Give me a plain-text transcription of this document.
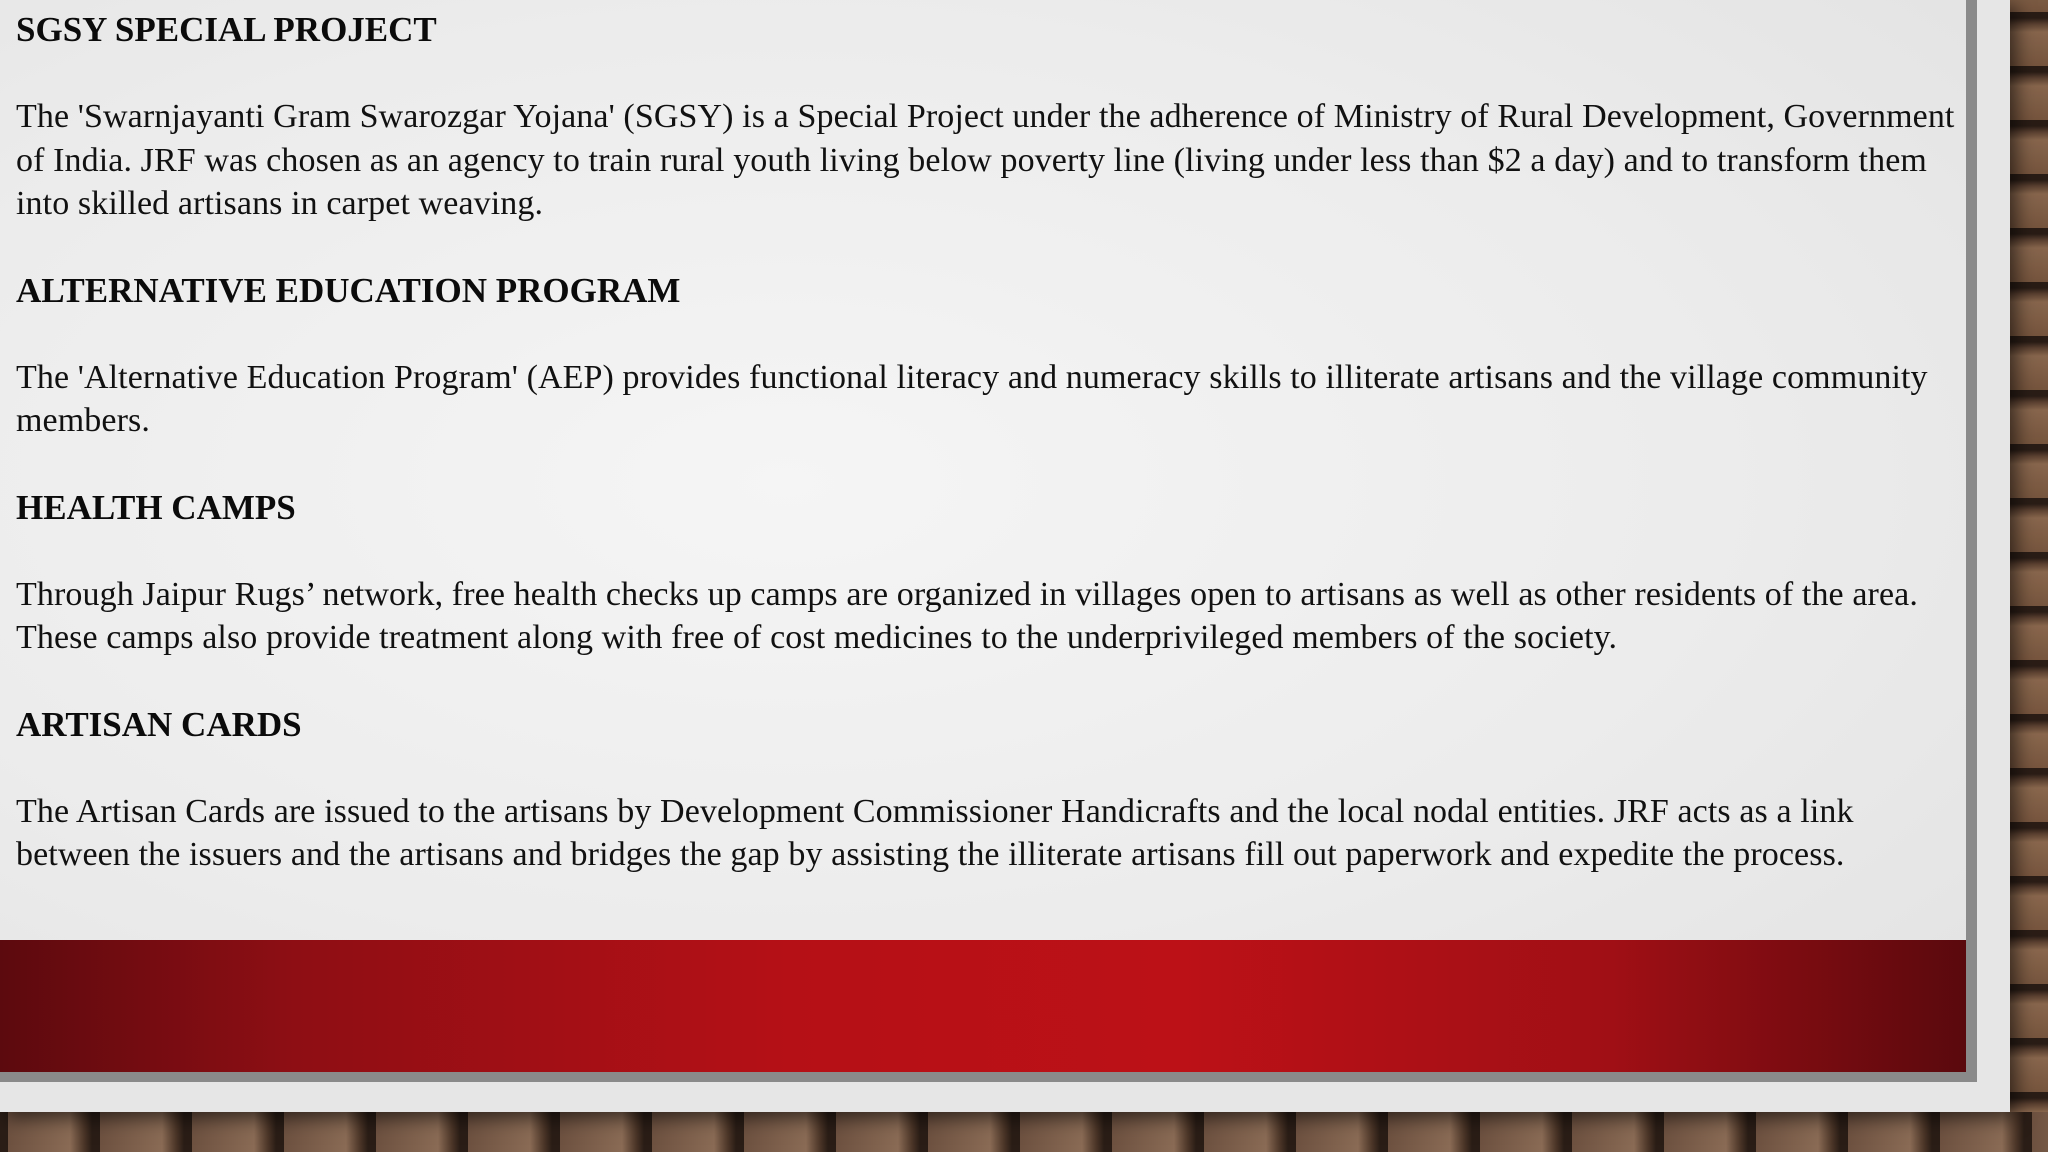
SGSY SPECIAL PROJECT
The 'Swarnjayanti Gram Swarozgar Yojana' (SGSY) is a Special Project under the adherence of Ministry of Rural Development, Government of India. JRF was chosen as an agency to train rural youth living below poverty line (living under less than $2 a day) and to transform them into skilled artisans in carpet weaving.
ALTERNATIVE EDUCATION PROGRAM
The 'Alternative Education Program' (AEP) provides functional literacy and numeracy skills to illiterate artisans and the village community members.
HEALTH CAMPS
Through Jaipur Rugs’ network, free health checks up camps are organized in villages open to artisans as well as other residents of the area. These camps also provide treatment along with free of cost medicines to the underprivileged members of the society.
ARTISAN CARDS
The Artisan Cards are issued to the artisans by Development Commissioner Handicrafts and the local nodal entities. JRF acts as a link between the issuers and the artisans and bridges the gap by assisting the illiterate artisans fill out paperwork and expedite the process.
